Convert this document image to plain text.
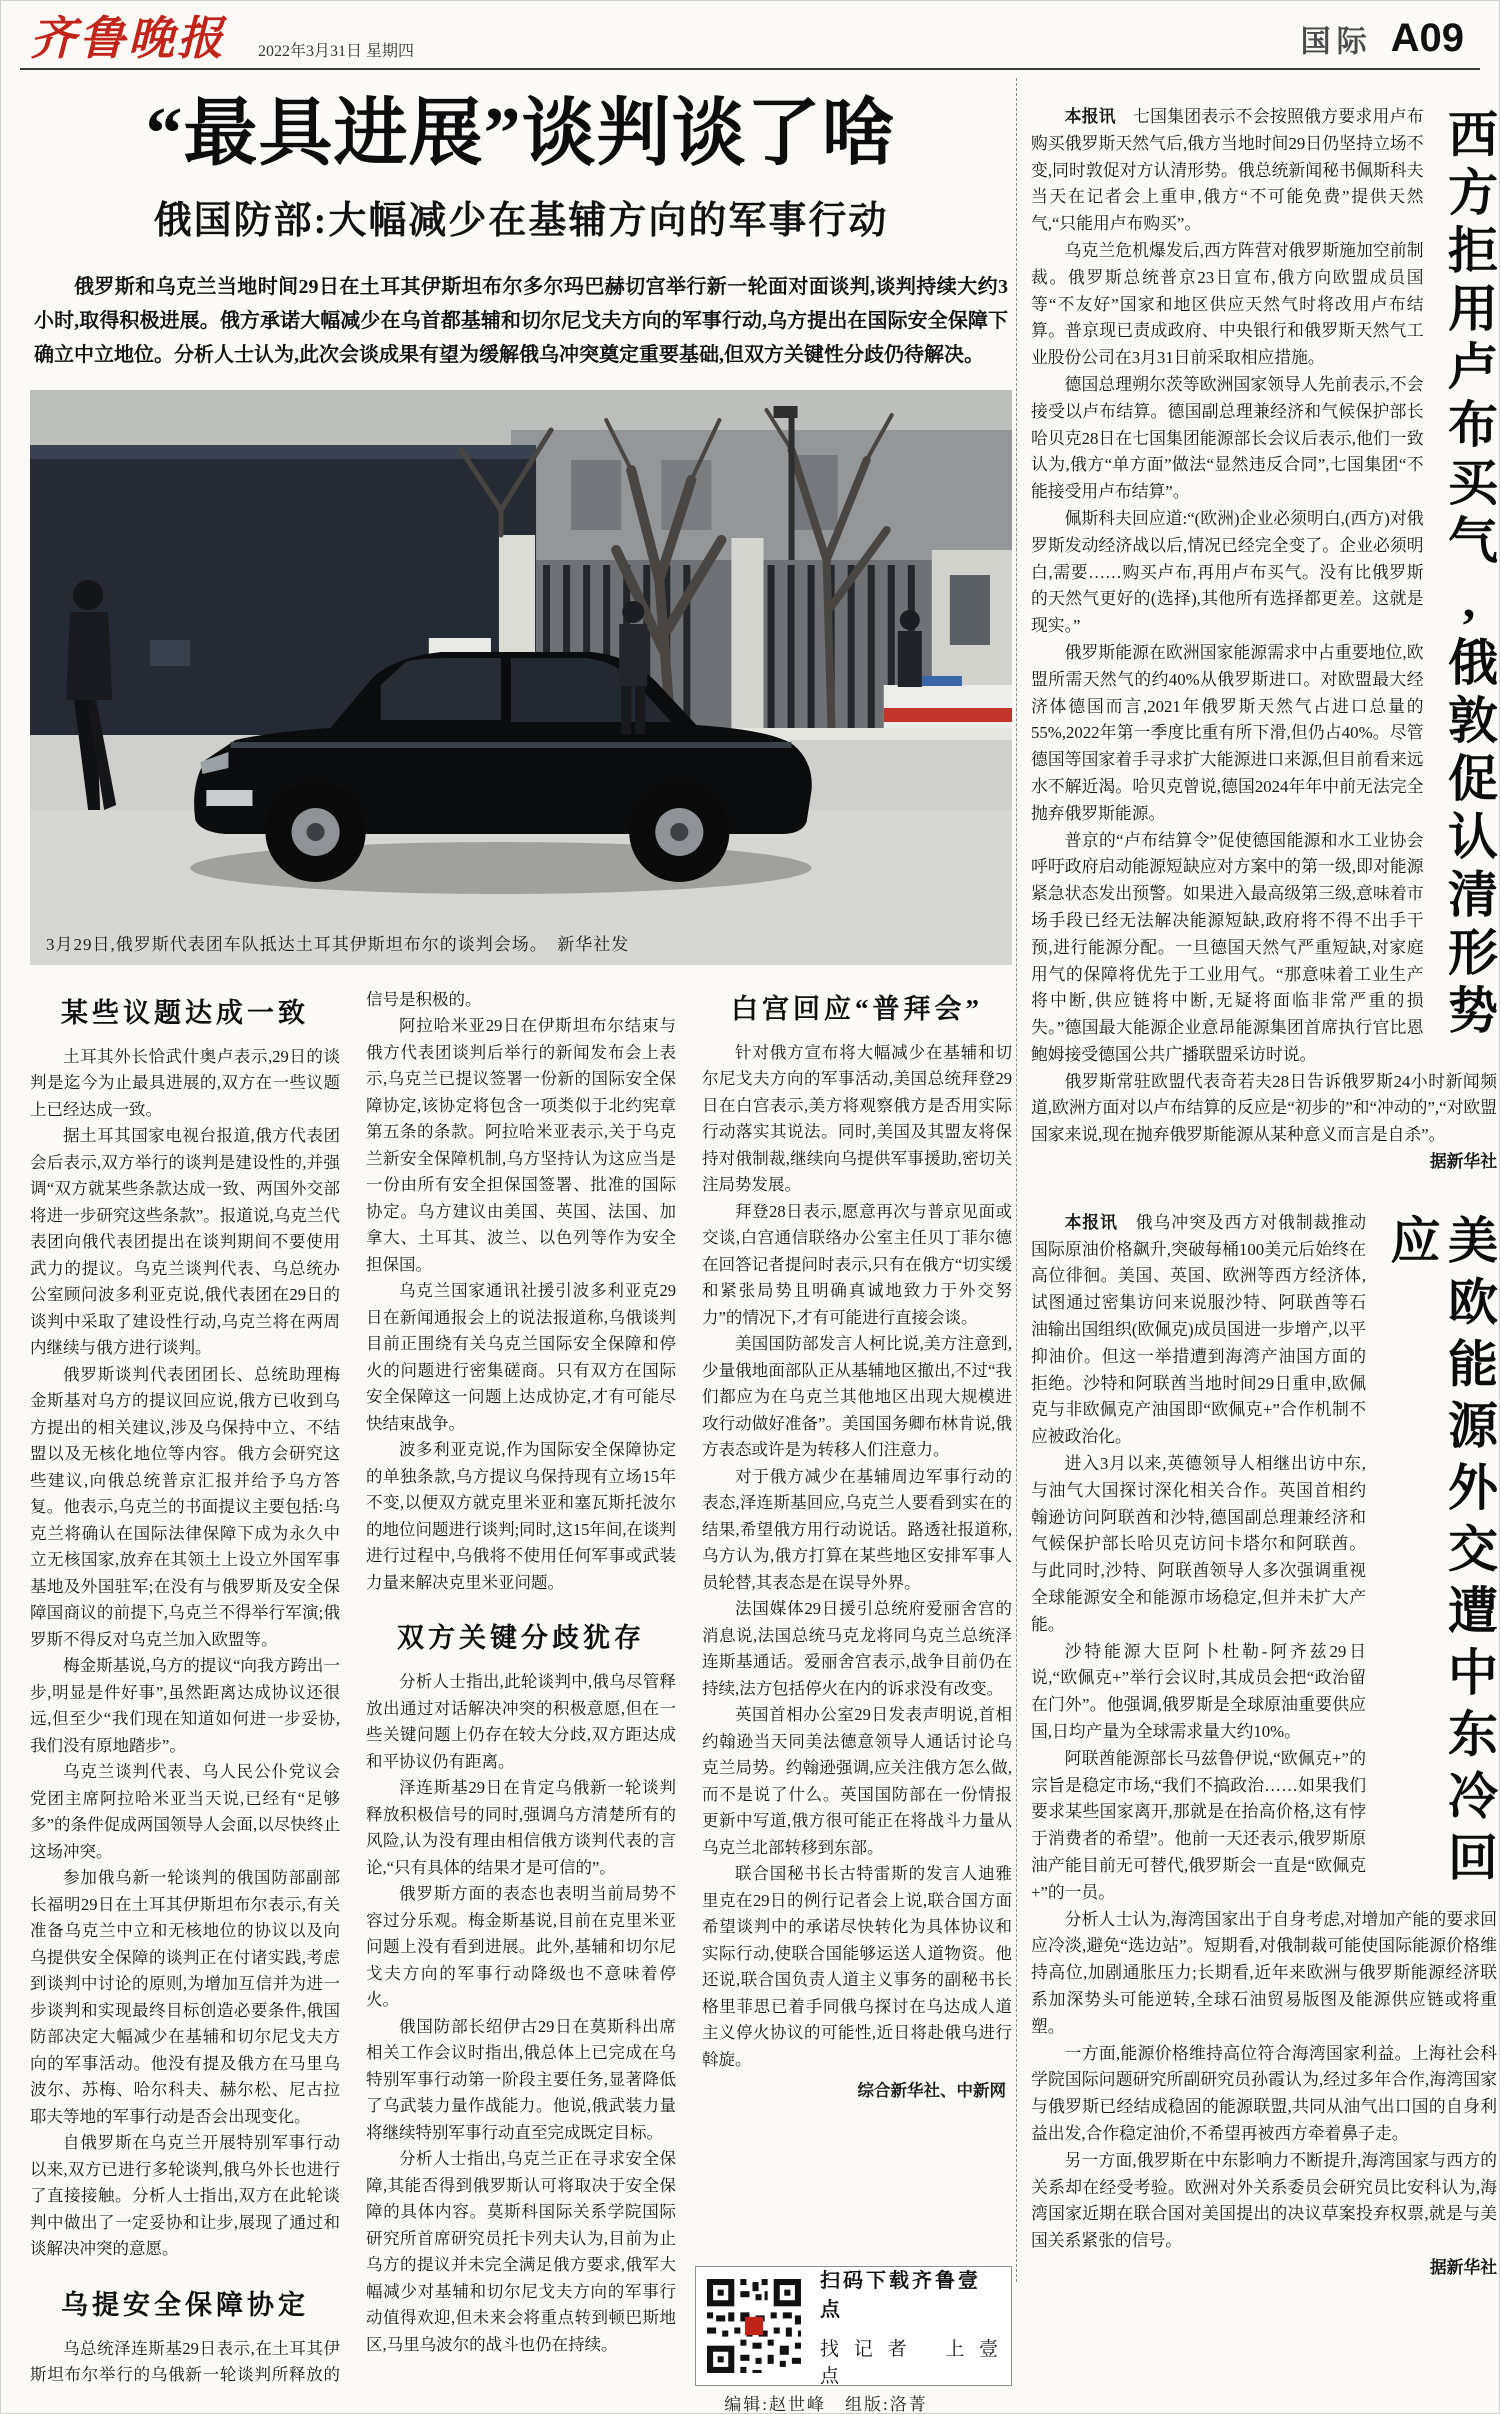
齐鲁晚报 2022年3月31日 星期四	国际 A09
“最具进展”谈判谈了啥
俄国防部:大幅减少在基辅方向的军事行动

俄罗斯和乌克兰当地时间29日在土耳其伊斯坦布尔多尔玛巴赫切宫举行新一轮面对面谈判,谈判持续大约3小时,取得积极进展。俄方承诺大幅减少在乌首都基辅和切尔尼戈夫方向的军事行动,乌方提出在国际安全保障下确立中立地位。分析人士认为,此次会谈成果有望为缓解俄乌冲突奠定重要基础,但双方关键性分歧仍待解决。

3月29日,俄罗斯代表团车队抵达土耳其伊斯坦布尔的谈判会场。　新华社发
某些议题达成一致

土耳其外长恰武什奥卢表示,29日的谈判是迄今为止最具进展的,双方在一些议题上已经达成一致。

据土耳其国家电视台报道,俄方代表团会后表示,双方举行的谈判是建设性的,并强调“双方就某些条款达成一致、两国外交部将进一步研究这些条款”。报道说,乌克兰代表团向俄代表团提出在谈判期间不要使用武力的提议。乌克兰谈判代表、乌总统办公室顾问波多利亚克说,俄代表团在29日的谈判中采取了建设性行动,乌克兰将在两周内继续与俄方进行谈判。

俄罗斯谈判代表团团长、总统助理梅金斯基对乌方的提议回应说,俄方已收到乌方提出的相关建议,涉及乌保持中立、不结盟以及无核化地位等内容。俄方会研究这些建议,向俄总统普京汇报并给予乌方答复。他表示,乌克兰的书面提议主要包括:乌克兰将确认在国际法律保障下成为永久中立无核国家,放弃在其领土上设立外国军事基地及外国驻军;在没有与俄罗斯及安全保障国商议的前提下,乌克兰不得举行军演;俄罗斯不得反对乌克兰加入欧盟等。

梅金斯基说,乌方的提议“向我方跨出一步,明显是件好事”,虽然距离达成协议还很远,但至少“我们现在知道如何进一步妥协,我们没有原地踏步”。

乌克兰谈判代表、乌人民公仆党议会党团主席阿拉哈米亚当天说,已经有“足够多”的条件促成两国领导人会面,以尽快终止这场冲突。

参加俄乌新一轮谈判的俄国防部副部长福明29日在土耳其伊斯坦布尔表示,有关准备乌克兰中立和无核地位的协议以及向乌提供安全保障的谈判正在付诸实践,考虑到谈判中讨论的原则,为增加互信并为进一步谈判和实现最终目标创造必要条件,俄国防部决定大幅减少在基辅和切尔尼戈夫方向的军事活动。他没有提及俄方在马里乌波尔、苏梅、哈尔科夫、赫尔松、尼古拉耶夫等地的军事行动是否会出现变化。

自俄罗斯在乌克兰开展特别军事行动以来,双方已进行多轮谈判,俄乌外长也进行了直接接触。分析人士指出,双方在此轮谈判中做出了一定妥协和让步,展现了通过和谈解决冲突的意愿。

乌提安全保障协定

乌总统泽连斯基29日表示,在土耳其伊斯坦布尔举行的乌俄新一轮谈判所释放的信号是积极的。

阿拉哈米亚29日在伊斯坦布尔结束与俄方代表团谈判后举行的新闻发布会上表示,乌克兰已提议签署一份新的国际安全保障协定,该协定将包含一项类似于北约宪章第五条的条款。阿拉哈米亚表示,关于乌克兰新安全保障机制,乌方坚持认为这应当是一份由所有安全担保国签署、批准的国际协定。乌方建议由美国、英国、法国、加拿大、土耳其、波兰、以色列等作为安全担保国。

乌克兰国家通讯社援引波多利亚克29日在新闻通报会上的说法报道称,乌俄谈判目前正围绕有关乌克兰国际安全保障和停火的问题进行密集磋商。只有双方在国际安全保障这一问题上达成协定,才有可能尽快结束战争。

波多利亚克说,作为国际安全保障协定的单独条款,乌方提议乌保持现有立场15年不变,以便双方就克里米亚和塞瓦斯托波尔的地位问题进行谈判;同时,这15年间,在谈判进行过程中,乌俄将不使用任何军事或武装力量来解决克里米亚问题。

双方关键分歧犹存

分析人士指出,此轮谈判中,俄乌尽管释放出通过对话解决冲突的积极意愿,但在一些关键问题上仍存在较大分歧,双方距达成和平协议仍有距离。

泽连斯基29日在肯定乌俄新一轮谈判释放积极信号的同时,强调乌方清楚所有的风险,认为没有理由相信俄方谈判代表的言论,“只有具体的结果才是可信的”。

俄罗斯方面的表态也表明当前局势不容过分乐观。梅金斯基说,目前在克里米亚问题上没有看到进展。此外,基辅和切尔尼戈夫方向的军事行动降级也不意味着停火。

俄国防部长绍伊古29日在莫斯科出席相关工作会议时指出,俄总体上已完成在乌特别军事行动第一阶段主要任务,显著降低了乌武装力量作战能力。他说,俄武装力量将继续特别军事行动直至完成既定目标。

分析人士指出,乌克兰正在寻求安全保障,其能否得到俄罗斯认可将取决于安全保障的具体内容。莫斯科国际关系学院国际研究所首席研究员托卡列夫认为,目前为止乌方的提议并未完全满足俄方要求,俄军大幅减少对基辅和切尔尼戈夫方向的军事行动值得欢迎,但未来会将重点转到顿巴斯地区,马里乌波尔的战斗也仍在持续。

白宫回应“普拜会”

针对俄方宣布将大幅减少在基辅和切尔尼戈夫方向的军事活动,美国总统拜登29日在白宫表示,美方将观察俄方是否用实际行动落实其说法。同时,美国及其盟友将保持对俄制裁,继续向乌提供军事援助,密切关注局势发展。

拜登28日表示,愿意再次与普京见面或交谈,白宫通信联络办公室主任贝丁菲尔德在回答记者提问时表示,只有在俄方“切实缓和紧张局势且明确真诚地致力于外交努力”的情况下,才有可能进行直接会谈。

美国国防部发言人柯比说,美方注意到,少量俄地面部队正从基辅地区撤出,不过“我们都应为在乌克兰其他地区出现大规模进攻行动做好准备”。美国国务卿布林肯说,俄方表态或许是为转移人们注意力。

对于俄方减少在基辅周边军事行动的表态,泽连斯基回应,乌克兰人要看到实在的结果,希望俄方用行动说话。路透社报道称,乌方认为,俄方打算在某些地区安排军事人员轮替,其表态是在误导外界。

法国媒体29日援引总统府爱丽舍宫的消息说,法国总统马克龙将同乌克兰总统泽连斯基通话。爱丽舍宫表示,战争目前仍在持续,法方包括停火在内的诉求没有改变。

英国首相办公室29日发表声明说,首相约翰逊当天同美法德意领导人通话讨论乌克兰局势。约翰逊强调,应关注俄方怎么做,而不是说了什么。英国国防部在一份情报更新中写道,俄方很可能正在将战斗力量从乌克兰北部转移到东部。

联合国秘书长古特雷斯的发言人迪雅里克在29日的例行记者会上说,联合国方面希望谈判中的承诺尽快转化为具体协议和实际行动,使联合国能够运送人道物资。他还说,联合国负责人道主义事务的副秘书长格里菲思已着手同俄乌探讨在乌达成人道主义停火协议的可能性,近日将赴俄乌进行斡旋。

综合新华社、中新网
西方拒用卢布买气,俄敦促认清形势

本报讯　七国集团表示不会按照俄方要求用卢布购买俄罗斯天然气后,俄方当地时间29日仍坚持立场不变,同时敦促对方认清形势。俄总统新闻秘书佩斯科夫当天在记者会上重申,俄方“不可能免费”提供天然气,“只能用卢布购买”。

乌克兰危机爆发后,西方阵营对俄罗斯施加空前制裁。俄罗斯总统普京23日宣布,俄方向欧盟成员国等“不友好”国家和地区供应天然气时将改用卢布结算。普京现已责成政府、中央银行和俄罗斯天然气工业股份公司在3月31日前采取相应措施。

德国总理朔尔茨等欧洲国家领导人先前表示,不会接受以卢布结算。德国副总理兼经济和气候保护部长哈贝克28日在七国集团能源部长会议后表示,他们一致认为,俄方“单方面”做法“显然违反合同”,七国集团“不能接受用卢布结算”。

佩斯科夫回应道:“(欧洲)企业必须明白,(西方)对俄罗斯发动经济战以后,情况已经完全变了。企业必须明白,需要……购买卢布,再用卢布买气。没有比俄罗斯的天然气更好的(选择),其他所有选择都更差。这就是现实。”

俄罗斯能源在欧洲国家能源需求中占重要地位,欧盟所需天然气的约40%从俄罗斯进口。对欧盟最大经济体德国而言,2021年俄罗斯天然气占进口总量的55%,2022年第一季度比重有所下滑,但仍占40%。尽管德国等国家着手寻求扩大能源进口来源,但目前看来远水不解近渴。哈贝克曾说,德国2024年年中前无法完全抛弃俄罗斯能源。

普京的“卢布结算令”促使德国能源和水工业协会呼吁政府启动能源短缺应对方案中的第一级,即对能源紧急状态发出预警。如果进入最高级第三级,意味着市场手段已经无法解决能源短缺,政府将不得不出手干预,进行能源分配。一旦德国天然气严重短缺,对家庭用气的保障将优先于工业用气。“那意味着工业生产将中断,供应链将中断,无疑将面临非常严重的损失。”德国最大能源企业意昂能源集团首席执行官比恩鲍姆接受德国公共广播联盟采访时说。

俄罗斯常驻欧盟代表奇若夫28日告诉俄罗斯24小时新闻频道,欧洲方面对以卢布结算的反应是“初步的”和“冲动的”,“对欧盟国家来说,现在抛弃俄罗斯能源从某种意义而言是自杀”。

据新华社

美欧能源外交遭中东冷回应

本报讯　俄乌冲突及西方对俄制裁推动国际原油价格飙升,突破每桶100美元后始终在高位徘徊。美国、英国、欧洲等西方经济体,试图通过密集访问来说服沙特、阿联酋等石油输出国组织(欧佩克)成员国进一步增产,以平抑油价。但这一举措遭到海湾产油国方面的拒绝。沙特和阿联酋当地时间29日重申,欧佩克与非欧佩克产油国即“欧佩克+”合作机制不应被政治化。

进入3月以来,英德领导人相继出访中东,与油气大国探讨深化相关合作。英国首相约翰逊访问阿联酋和沙特,德国副总理兼经济和气候保护部长哈贝克访问卡塔尔和阿联酋。与此同时,沙特、阿联酋领导人多次强调重视全球能源安全和能源市场稳定,但并未扩大产能。

沙特能源大臣阿卜杜勒-阿齐兹29日说,“欧佩克+”举行会议时,其成员会把“政治留在门外”。他强调,俄罗斯是全球原油重要供应国,日均产量为全球需求量大约10%。

阿联酋能源部长马兹鲁伊说,“欧佩克+”的宗旨是稳定市场,“我们不搞政治……如果我们要求某些国家离开,那就是在抬高价格,这有悖于消费者的希望”。他前一天还表示,俄罗斯原油产能目前无可替代,俄罗斯会一直是“欧佩克+”的一员。

分析人士认为,海湾国家出于自身考虑,对增加产能的要求回应冷淡,避免“选边站”。短期看,对俄制裁可能使国际能源价格维持高位,加剧通胀压力;长期看,近年来欧洲与俄罗斯能源经济联系加深势头可能逆转,全球石油贸易版图及能源供应链或将重塑。

一方面,能源价格维持高位符合海湾国家利益。上海社会科学院国际问题研究所副研究员孙霞认为,经过多年合作,海湾国家与俄罗斯已经结成稳固的能源联盟,共同从油气出口国的自身利益出发,合作稳定油价,不希望再被西方牵着鼻子走。

另一方面,俄罗斯在中东影响力不断提升,海湾国家与西方的关系却在经受考验。欧洲对外关系委员会研究员比安科认为,海湾国家近期在联合国对美国提出的决议草案投弃权票,就是与美国关系紧张的信号。

据新华社

扫码下载齐鲁壹点
找 记 者　 上 壹 点
编辑:赵世峰　组版:洛菁
